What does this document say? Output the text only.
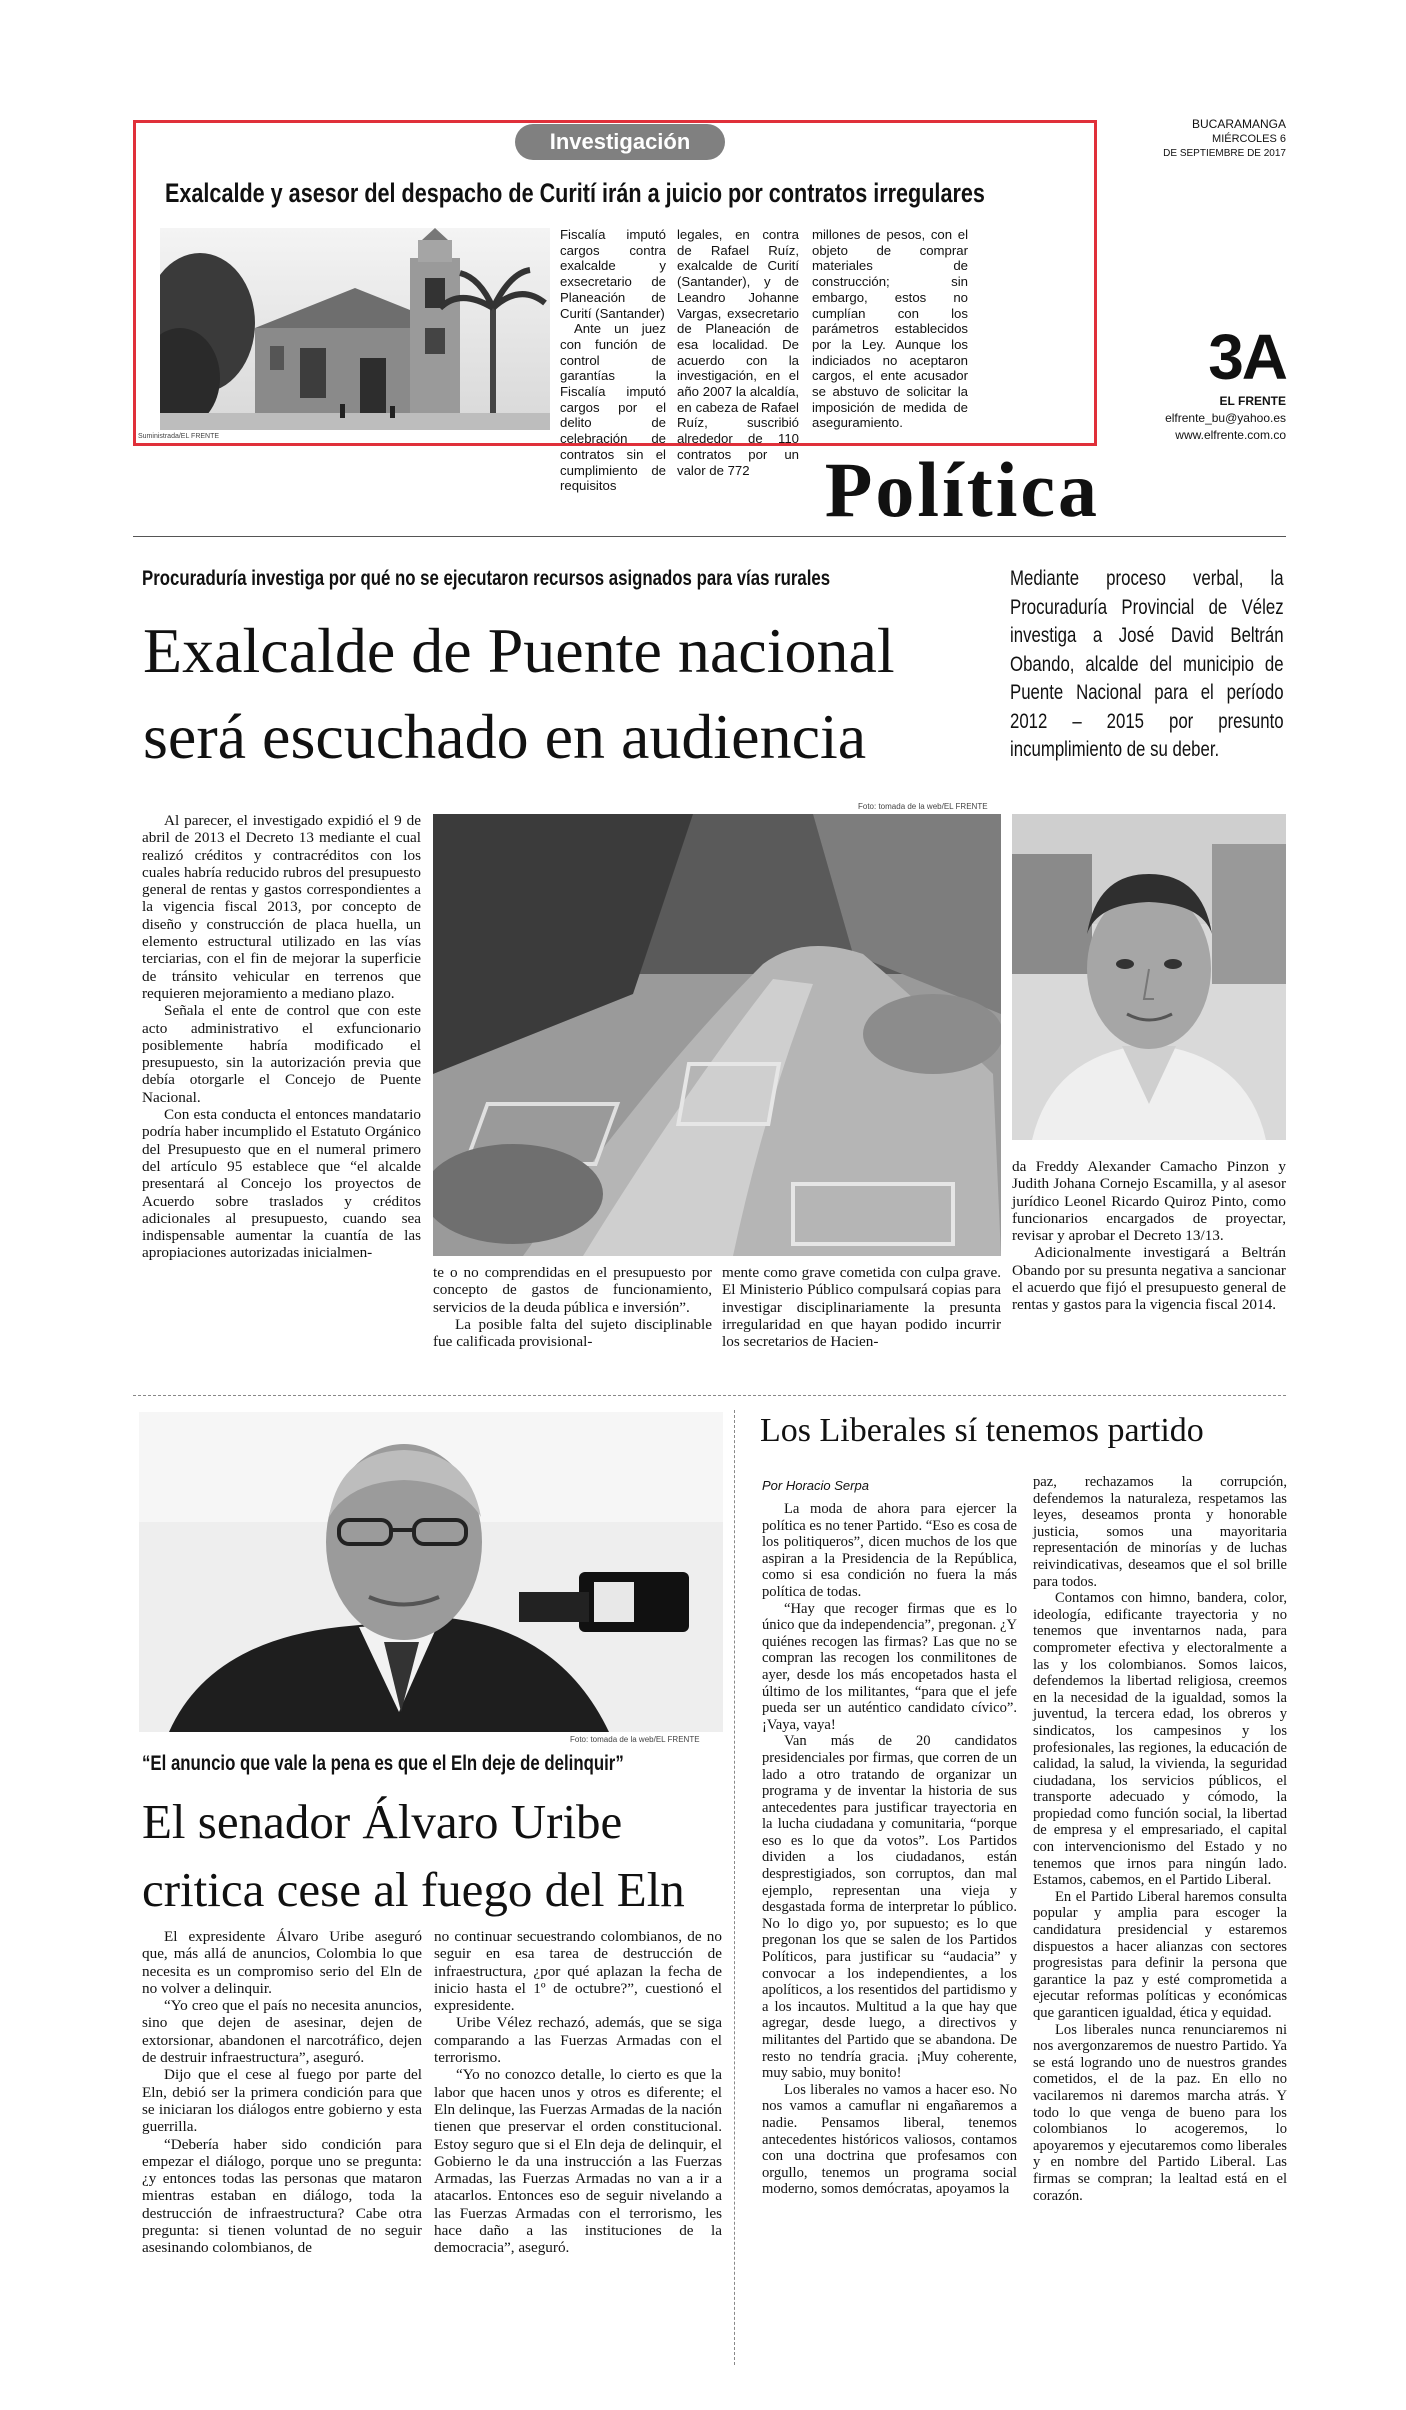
Investigación
Exalcalde y asesor del despacho de Curití irán a juicio por contratos irregulares
Suministrada/EL FRENTE

Fiscalía imputó cargos contra exalcalde y exsecretario de Planeación de Curití (Santander)

Ante un juez con función de control de garantías la Fiscalía imputó cargos por el delito de celebración de contratos sin el cumplimiento de requisitos

legales, en contra de Rafael Ruíz, exalcalde de Curití (Santander), y de Leandro Johanne Vargas, exsecretario de Planeación de esa localidad. De acuerdo con la investigación, en el año 2007 la alcaldía, en cabeza de Rafael Ruíz, suscribió alrededor de 110 contratos por un valor de 772

millones de pesos, con el objeto de comprar materiales de construcción; sin embargo, estos no cumplían con los parámetros establecidos por la Ley. Aunque los indiciados no aceptaron cargos, el ente acusador se abstuvo de solicitar la imposición de medida de aseguramiento.

BUCARAMANGA
MIÉRCOLES 6
DE SEPTIEMBRE DE 2017
3A
EL FRENTE
elfrente_bu@yahoo.es
www.elfrente.com.co
Política
Procuraduría investiga por qué no se ejecutaron recursos asignados para vías rurales
Exalcalde de Puente nacional
será escuchado en audiencia
Mediante proceso verbal, la Procuraduría Provincial de Vélez investiga a José David Beltrán Obando, alcalde del municipio de Puente Nacional para el período 2012 – 2015 por presunto incumplimiento de su deber.
Foto: tomada de la web/EL FRENTE

Al parecer, el investigado expidió el 9 de abril de 2013 el Decreto 13 mediante el cual realizó créditos y contracréditos con los cuales habría reducido rubros del presupuesto general de rentas y gastos correspondientes a la vigencia fiscal 2013, por concepto de diseño y construcción de placa huella, un elemento estructural utilizado en las vías terciarias, con el fin de mejorar la superficie de tránsito vehicular en terrenos que requieren mejoramiento a mediano plazo.

Señala el ente de control que con este acto administrativo el exfuncionario posiblemente habría modificado el presupuesto, sin la autorización previa que debía otorgarle el Concejo de Puente Nacional.

Con esta conducta el entonces mandatario podría haber incumplido el Estatuto Orgánico del Presupuesto que en el numeral primero del artículo 95 establece que “el alcalde presentará al Concejo los proyectos de Acuerdo sobre traslados y créditos adicionales al presupuesto, cuando sea indispensable aumentar la cuantía de las apropiaciones autorizadas inicialmen-

te o no comprendidas en el presupuesto por concepto de gastos de funcionamiento, servicios de la deuda pública e inversión”.

La posible falta del sujeto disciplinable fue calificada provisional-

mente como grave cometida con culpa grave. El Ministerio Público compulsará copias para investigar disciplinariamente la presunta irregularidad en que hayan podido incurrir los secretarios de Hacien-

da Freddy Alexander Camacho Pinzon y Judith Johana Cornejo Escamilla, y al asesor jurídico Leonel Ricardo Quiroz Pinto, como funcionarios encargados de proyectar, revisar y aprobar el Decreto 13/13.

Adicionalmente investigará a Beltrán Obando por su presunta negativa a sancionar el acuerdo que fijó el presupuesto general de rentas y gastos para la vigencia fiscal 2014.

Foto: tomada de la web/EL FRENTE
“El anuncio que vale la pena es que el Eln deje de delinquir”
El senador Álvaro Uribe
critica cese al fuego del Eln

El expresidente Álvaro Uribe aseguró que, más allá de anuncios, Colombia lo que necesita es un compromiso serio del Eln de no volver a delinquir.

“Yo creo que el país no necesita anuncios, sino que dejen de asesinar, dejen de extorsionar, abandonen el narcotráfico, dejen de destruir infraestructura”, aseguró.

Dijo que el cese al fuego por parte del Eln, debió ser la primera condición para que se iniciaran los diálogos entre gobierno y esta guerrilla.

“Debería haber sido condición para empezar el diálogo, porque uno se pregunta: ¿y entonces todas las personas que mataron mientras estaban en diálogo, toda la destrucción de infraestructura? Cabe otra pregunta: si tienen voluntad de no seguir asesinando colombianos, de

no continuar secuestrando colombianos, de no seguir en esa tarea de destrucción de infraestructura, ¿por qué aplazan la fecha de inicio hasta el 1º de octubre?”, cuestionó el expresidente.

Uribe Vélez rechazó, además, que se siga comparando a las Fuerzas Armadas con el terrorismo.

“Yo no conozco detalle, lo cierto es que la labor que hacen unos y otros es diferente; el Eln delinque, las Fuerzas Armadas de la nación tienen que preservar el orden constitucional. Estoy seguro que si el Eln deja de delinquir, el Gobierno le da una instrucción a las Fuerzas Armadas, las Fuerzas Armadas no van a ir a atacarlos. Entonces eso de seguir nivelando a las Fuerzas Armadas con el terrorismo, les hace daño a las instituciones de la democracia”, aseguró.

Los Liberales sí tenemos partido
Por Horacio Serpa

La moda de ahora para ejercer la política es no tener Partido. “Eso es cosa de los politiqueros”, dicen muchos de los que aspiran a la Presidencia de la República, como si esa condición no fuera la más política de todas.

“Hay que recoger firmas que es lo único que da independencia”, pregonan. ¿Y quiénes recogen las firmas? Las que no se compran las recogen los conmilitones de ayer, desde los más encopetados hasta el último de los militantes, “para que el jefe pueda ser un auténtico candidato cívico”. ¡Vaya, vaya!

Van más de 20 candidatos presidenciales por firmas, que corren de un lado a otro tratando de organizar un programa y de inventar la historia de sus antecedentes para justificar trayectoria en la lucha ciudadana y comunitaria, “porque eso es lo que da votos”. Los Partidos dividen a los ciudadanos, están desprestigiados, son corruptos, dan mal ejemplo, representan una vieja y desgastada forma de interpretar lo público. No lo digo yo, por supuesto; es lo que pregonan los que se salen de los Partidos Políticos, para justificar su “audacia” y convocar a los independientes, a los apolíticos, a los resentidos del partidismo y a los incautos. Multitud a la que hay que agregar, desde luego, a directivos y militantes del Partido que se abandona. De resto no tendría gracia. ¡Muy coherente, muy sabio, muy bonito!

Los liberales no vamos a hacer eso. No nos vamos a camuflar ni engañaremos a nadie. Pensamos liberal, tenemos antecedentes históricos valiosos, contamos con una doctrina que profesamos con orgullo, tenemos un programa social moderno, somos demócratas, apoyamos la

paz, rechazamos la corrupción, defendemos la naturaleza, respetamos las leyes, deseamos pronta y honorable justicia, somos una mayoritaria representación de minorías y de luchas reivindicativas, deseamos que el sol brille para todos.

Contamos con himno, bandera, color, ideología, edificante trayectoria y no tenemos que inventarnos nada, para comprometer efectiva y electoralmente a las y los colombianos. Somos laicos, defendemos la libertad religiosa, creemos en la necesidad de la igualdad, somos la juventud, la tercera edad, los obreros y sindicatos, los campesinos y los profesionales, las regiones, la educación de calidad, la salud, la vivienda, la seguridad ciudadana, los servicios públicos, el transporte adecuado y cómodo, la propiedad como función social, la libertad de empresa y el empresariado, el capital con intervencionismo del Estado y no tenemos que irnos para ningún lado. Estamos, cabemos, en el Partido Liberal.

En el Partido Liberal haremos consulta popular y amplia para escoger la candidatura presidencial y estaremos dispuestos a hacer alianzas con sectores progresistas para definir la persona que garantice la paz y esté comprometida a ejecutar reformas políticas y económicas que garanticen igualdad, ética y equidad.

Los liberales nunca renunciaremos ni nos avergonzaremos de nuestro Partido. Ya se está logrando uno de nuestros grandes cometidos, el de la paz. En ello no vacilaremos ni daremos marcha atrás. Y todo lo que venga de bueno para los colombianos lo acogeremos, lo apoyaremos y ejecutaremos como liberales y en nombre del Partido Liberal. Las firmas se compran; la lealtad está en el corazón.
